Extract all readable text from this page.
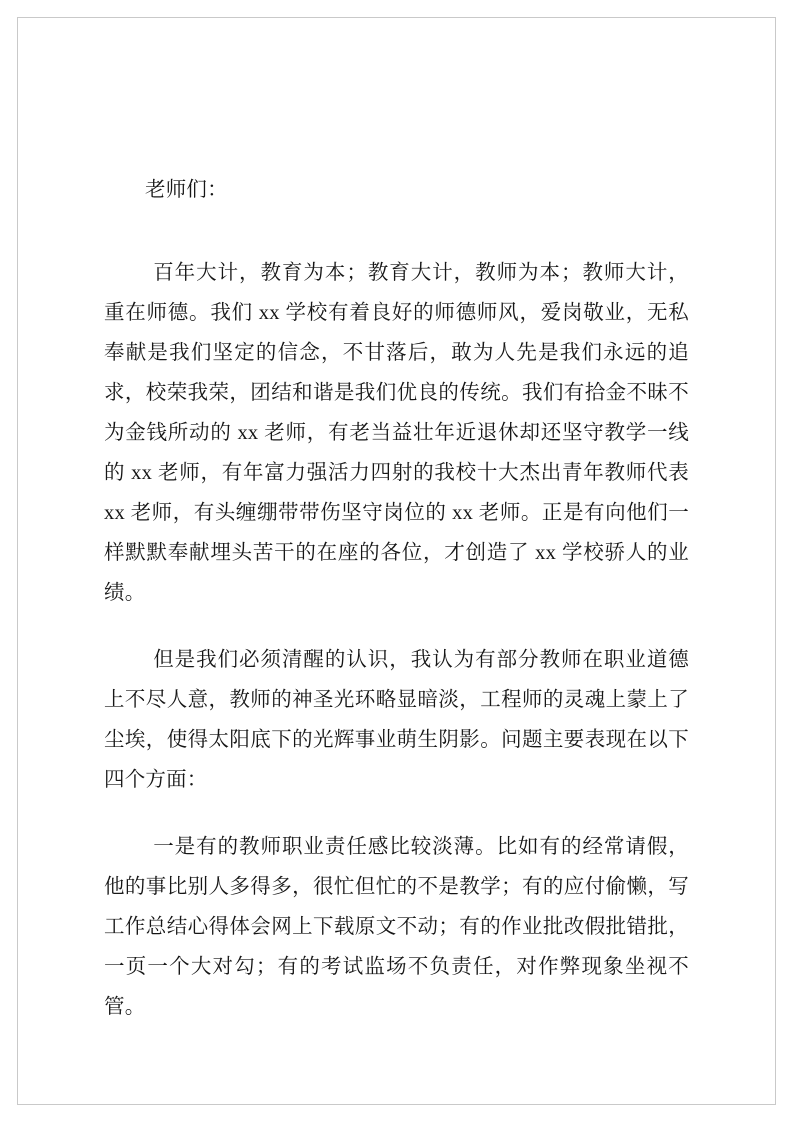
老师们：

百年大计，教育为本；教育大计，教师为本；教师大计，重在师德。我们 xx 学校有着良好的师德师风，爱岗敬业，无私奉献是我们坚定的信念，不甘落后，敢为人先是我们永远的追求，校荣我荣，团结和谐是我们优良的传统。我们有拾金不昧不为金钱所动的 xx 老师，有老当益壮年近退休却还坚守教学一线的 xx 老师，有年富力强活力四射的我校十大杰出青年教师代表 xx 老师，有头缠绷带带伤坚守岗位的 xx 老师。正是有向他们一样默默奉献埋头苦干的在座的各位，才创造了 xx 学校骄人的业绩。

但是我们必须清醒的认识，我认为有部分教师在职业道德上不尽人意，教师的神圣光环略显暗淡，工程师的灵魂上蒙上了尘埃，使得太阳底下的光辉事业萌生阴影。问题主要表现在以下四个方面：

一是有的教师职业责任感比较淡薄。比如有的经常请假，他的事比别人多得多，很忙但忙的不是教学；有的应付偷懒，写工作总结心得体会网上下载原文不动；有的作业批改假批错批，一页一个大对勾；有的考试监场不负责任，对作弊现象坐视不管。
